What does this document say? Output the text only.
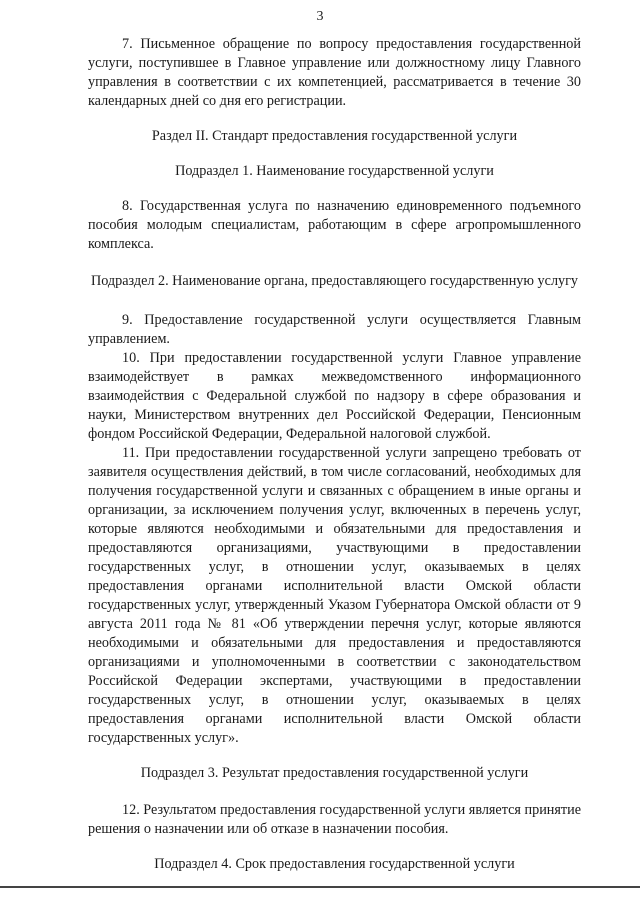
3

7. Письменное обращение по вопросу предоставления государственной услуги, поступившее в Главное управление или должностному лицу Главного управления в соответствии с их компетенцией, рассматривается в течение 30 календарных дней со дня его регистрации.

Раздел II. Стандарт предоставления государственной услуги

Подраздел 1. Наименование государственной услуги

8. Государственная услуга по назначению единовременного подъемного пособия молодым специалистам, работающим в сфере агропромышленного комплекса.

Подраздел 2. Наименование органа, предоставляющего государственную услугу

9. Предоставление государственной услуги осуществляется Главным управлением.

10. При предоставлении государственной услуги Главное управление взаимодействует в рамках межведомственного информационного взаимодействия с Федеральной службой по надзору в сфере образования и науки, Министерством внутренних дел Российской Федерации, Пенсионным фондом Российской Федерации, Федеральной налоговой службой.

11. При предоставлении государственной услуги запрещено требовать от заявителя осуществления действий, в том числе согласований, необходимых для получения государственной услуги и связанных с обращением в иные органы и организации, за исключением получения услуг, включенных в перечень услуг, которые являются необходимыми и обязательными для предоставления и предоставляются организациями, участвующими в предоставлении государственных услуг, в отношении услуг, оказываемых в целях предоставления органами исполнительной власти Омской области государственных услуг, утвержденный Указом Губернатора Омской области от 9 августа 2011 года № 81 «Об утверждении перечня услуг, которые являются необходимыми и обязательными для предоставления и предоставляются организациями и уполномоченными в соответствии с законодательством Российской Федерации экспертами, участвующими в предоставлении государственных услуг, в отношении услуг, оказываемых в целях предоставления органами исполнительной власти Омской области государственных услуг».

Подраздел 3. Результат предоставления государственной услуги

12. Результатом предоставления государственной услуги является принятие решения о назначении или об отказе в назначении пособия.

Подраздел 4. Срок предоставления государственной услуги
